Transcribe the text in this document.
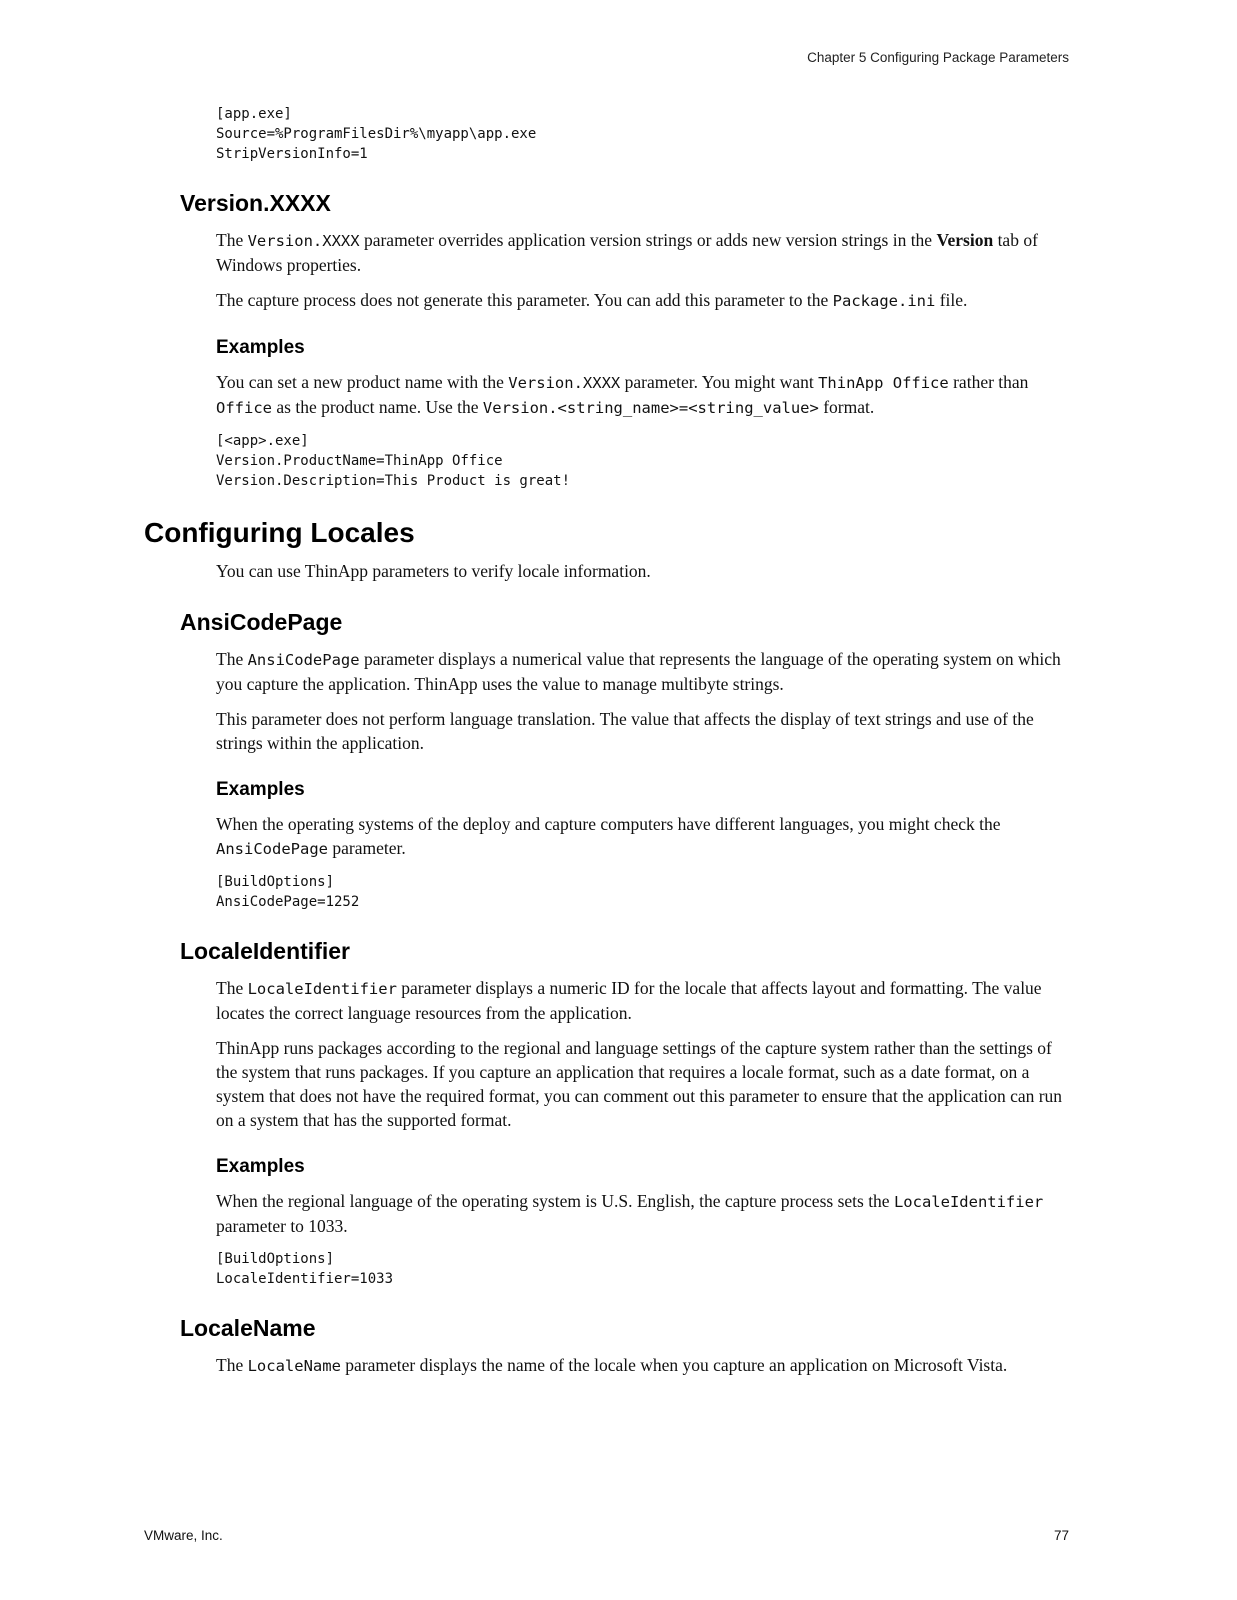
Chapter 5 Configuring Package Parameters
[app.exe]
Source=%ProgramFilesDir%\myapp\app.exe
StripVersionInfo=1
Version.XXXX

The Version.XXXX parameter overrides application version strings or adds new version strings in the Version tab of Windows properties.

The capture process does not generate this parameter. You can add this parameter to the Package.ini file.

Examples

You can set a new product name with the Version.XXXX parameter. You might want ThinApp Office rather than Office as the product name. Use the Version.<string_name>=<string_value> format.

[<app>.exe]
Version.ProductName=ThinApp Office
Version.Description=This Product is great!
Configuring Locales

You can use ThinApp parameters to verify locale information.

AnsiCodePage

The AnsiCodePage parameter displays a numerical value that represents the language of the operating system on which you capture the application. ThinApp uses the value to manage multibyte strings.

This parameter does not perform language translation. The value that affects the display of text strings and use of the strings within the application.

Examples

When the operating systems of the deploy and capture computers have different languages, you might check the AnsiCodePage parameter.

[BuildOptions]
AnsiCodePage=1252
LocaleIdentifier

The LocaleIdentifier parameter displays a numeric ID for the locale that affects layout and formatting. The value locates the correct language resources from the application.

ThinApp runs packages according to the regional and language settings of the capture system rather than the settings of the system that runs packages. If you capture an application that requires a locale format, such as a date format, on a system that does not have the required format, you can comment out this parameter to ensure that the application can run on a system that has the supported format.

Examples

When the regional language of the operating system is U.S. English, the capture process sets the LocaleIdentifier parameter to 1033.

[BuildOptions]
LocaleIdentifier=1033
LocaleName

The LocaleName parameter displays the name of the locale when you capture an application on Microsoft Vista.

VMware, Inc.	77
